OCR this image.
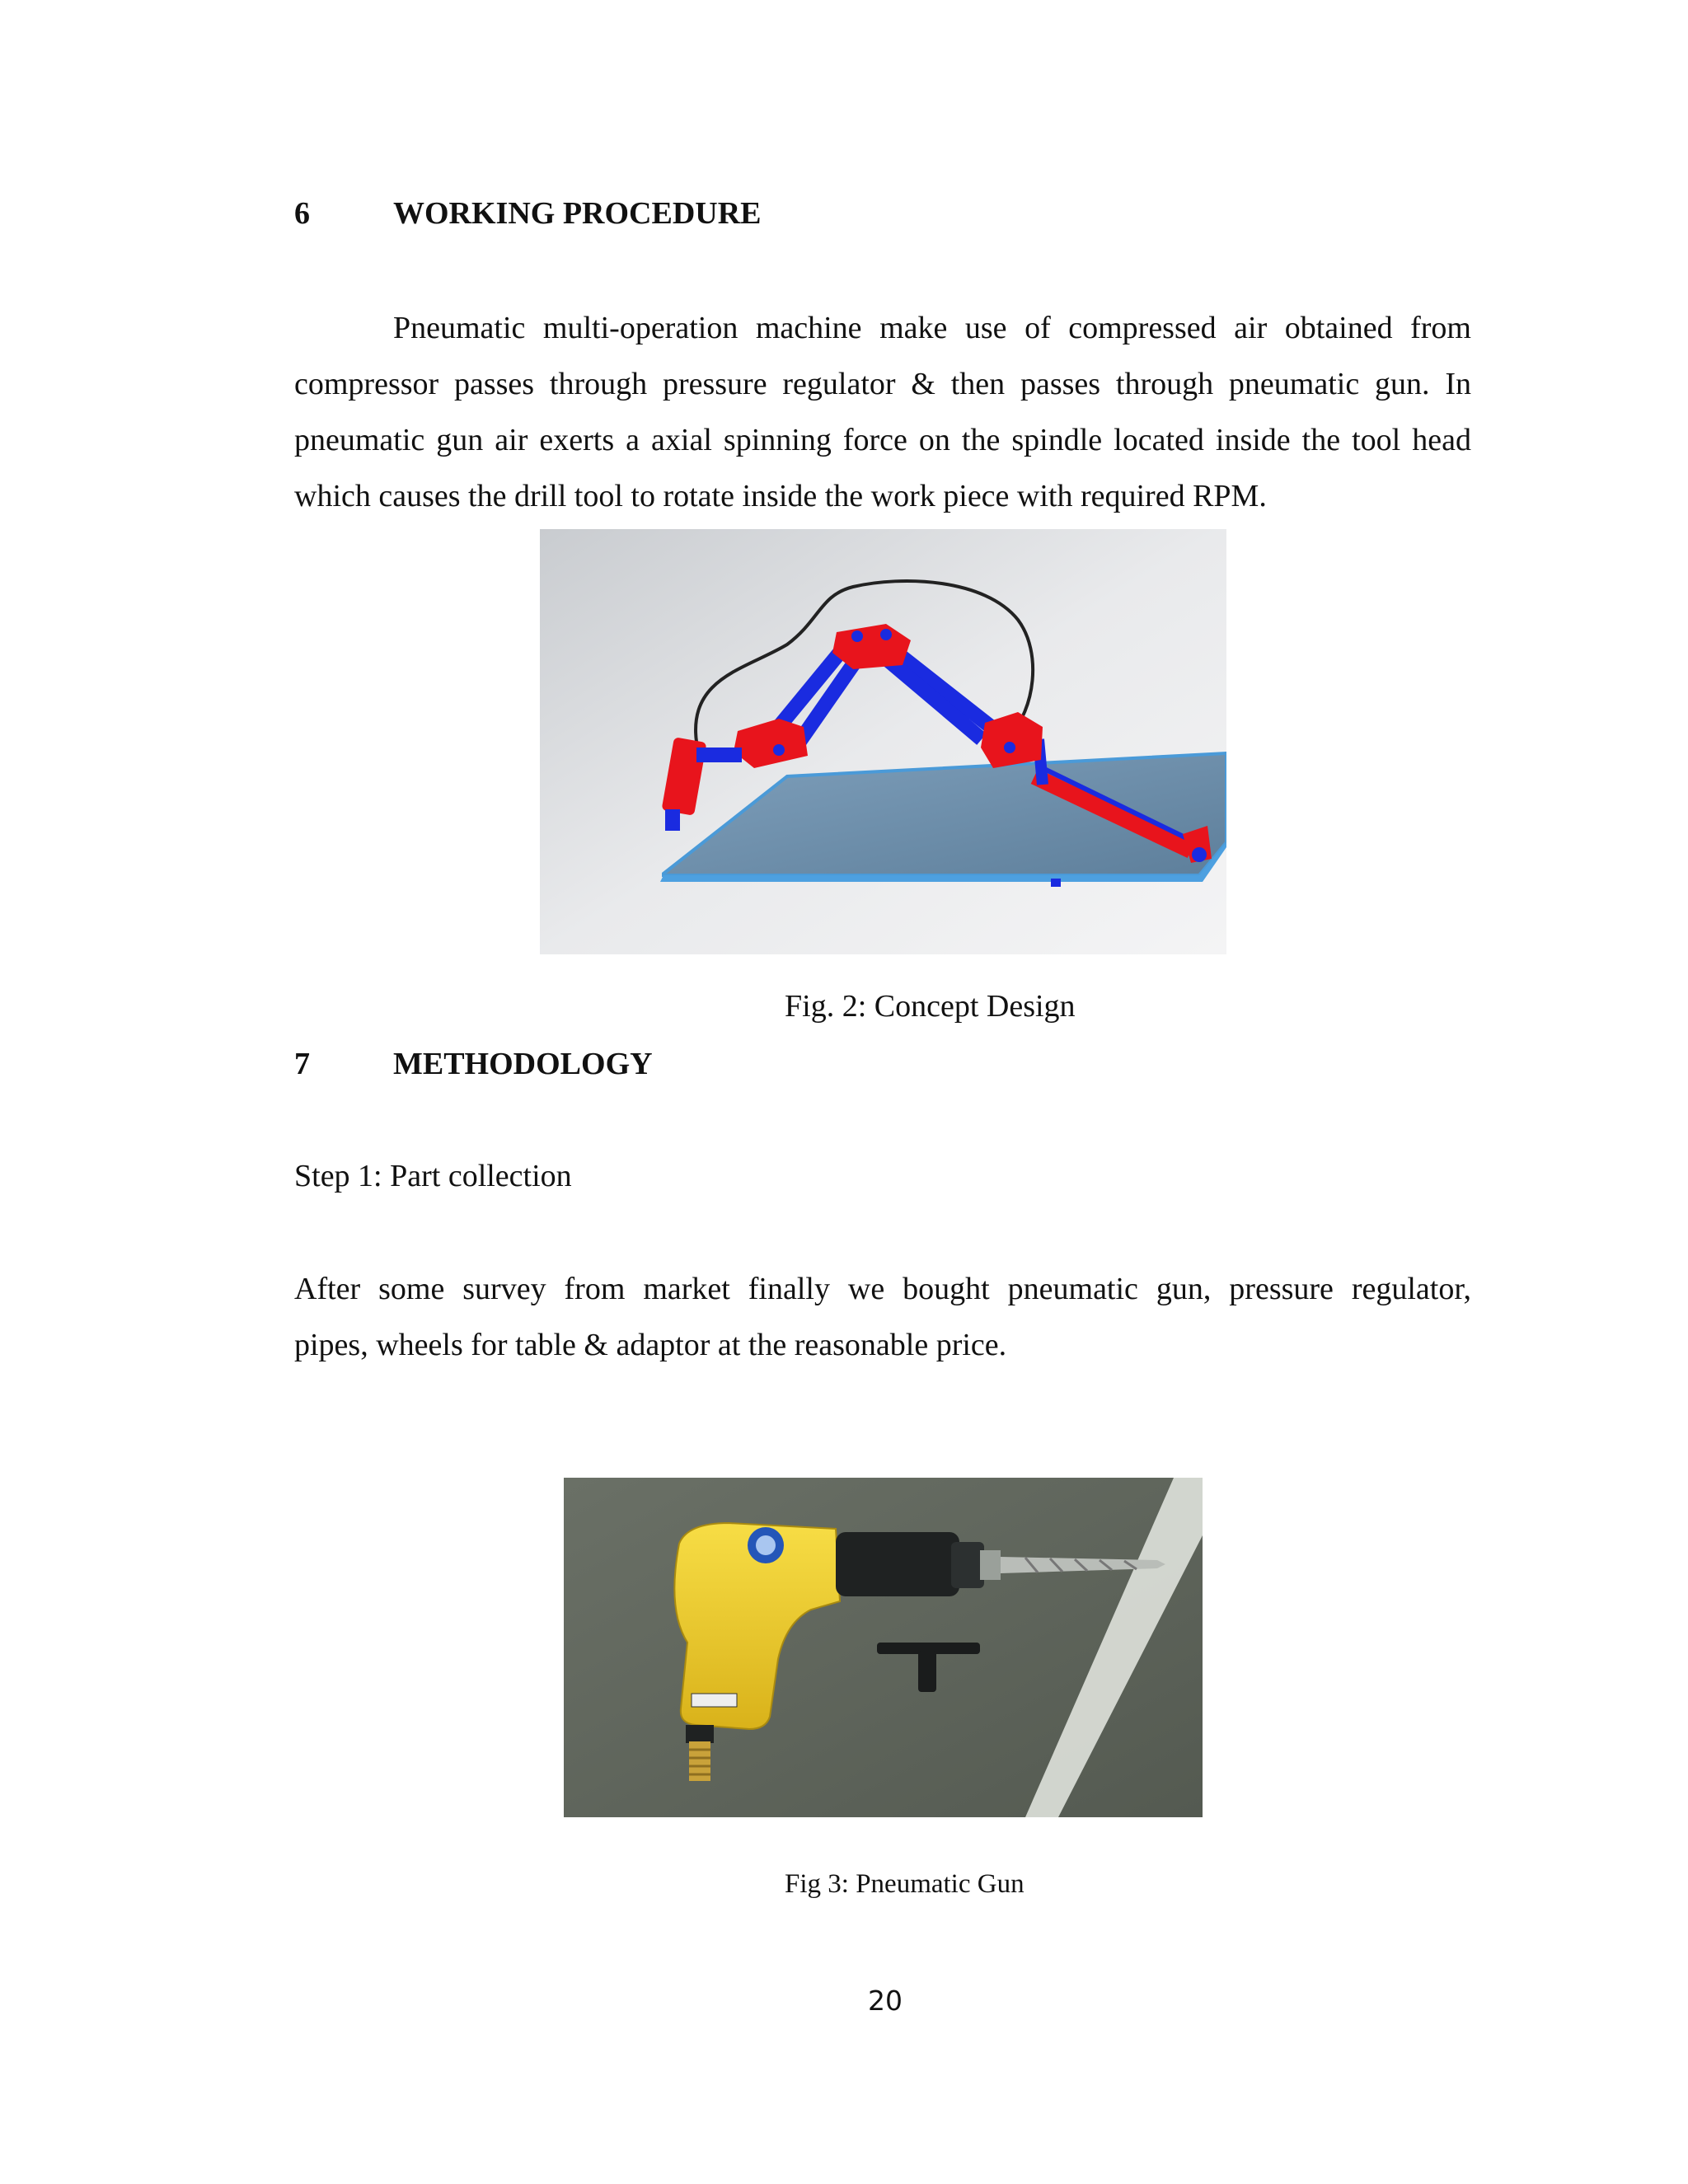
6	WORKING PROCEDURE
Pneumatic multi-operation machine make use of compressed air obtained from
compressor passes through pressure regulator & then passes through pneumatic gun. In
pneumatic gun air exerts a axial spinning force on the spindle located inside the tool head
which causes the drill tool to rotate inside the work piece with required RPM.
Fig. 2: Concept Design
7	METHODOLOGY
Step 1: Part collection
After some survey from market finally we bought pneumatic gun, pressure regulator,
pipes, wheels for table & adaptor at the reasonable price.
Fig 3: Pneumatic Gun
20
